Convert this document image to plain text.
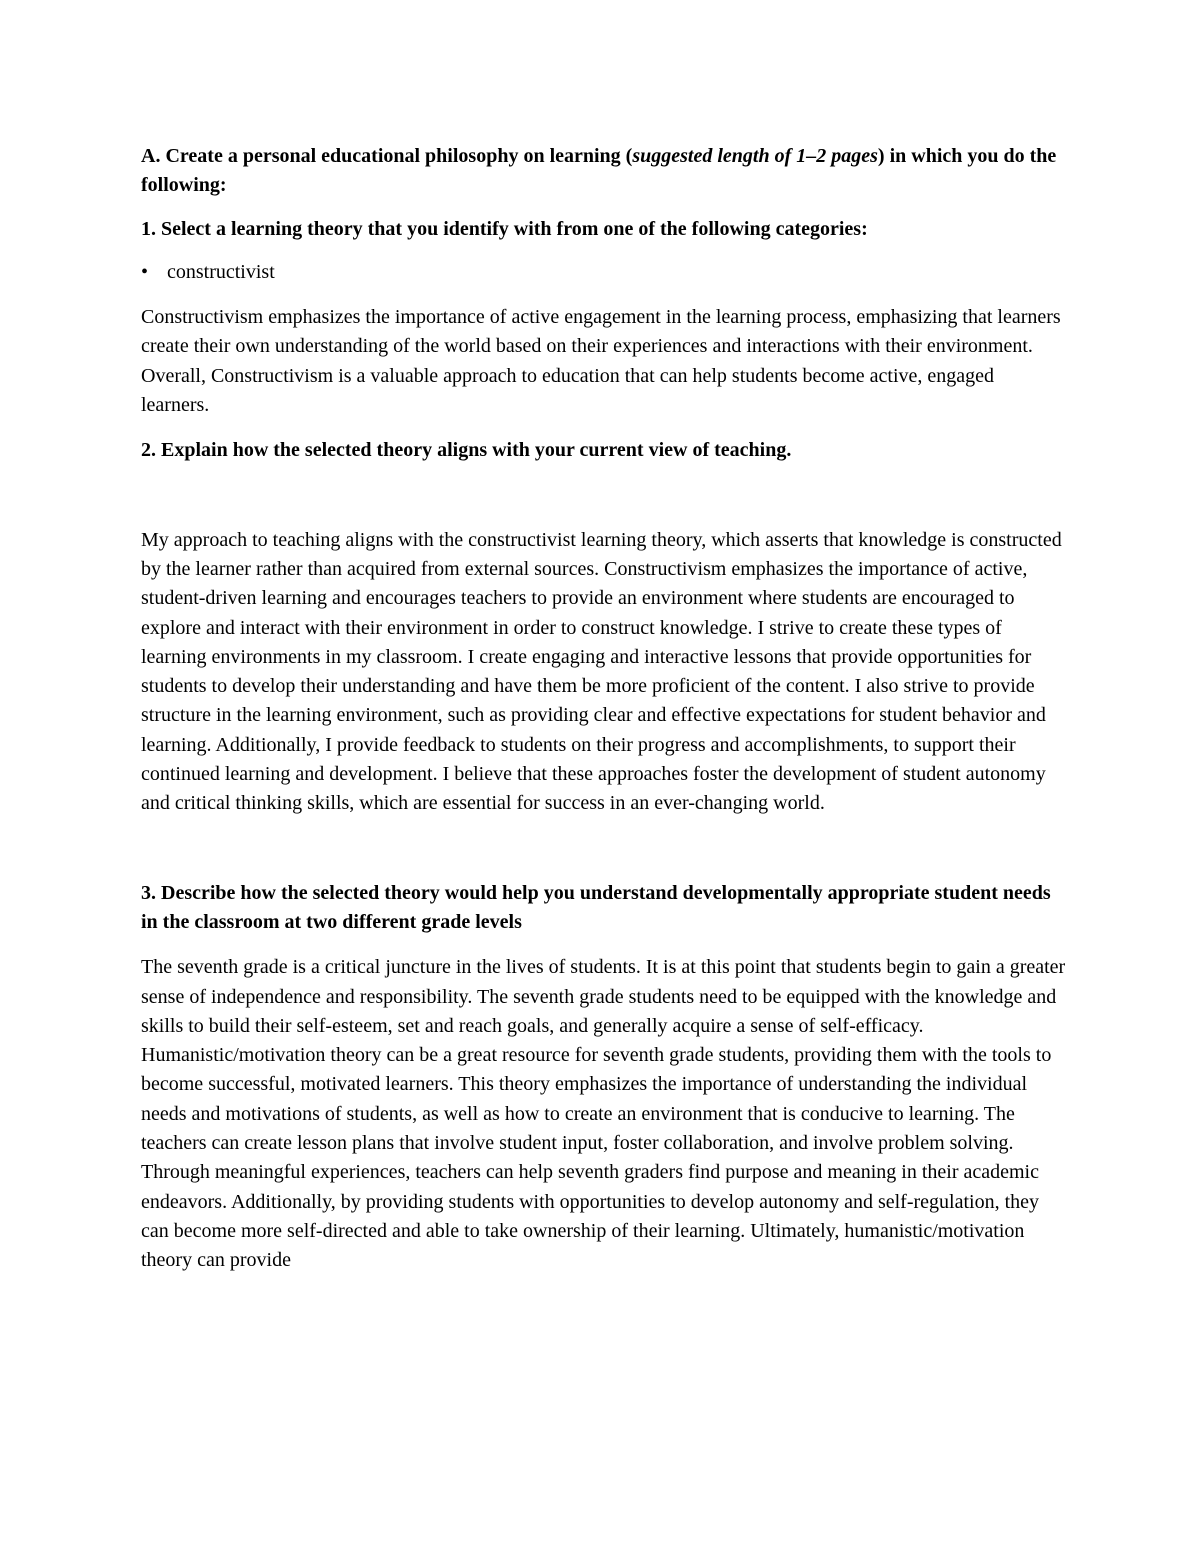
A. Create a personal educational philosophy on learning (suggested length of 1–2 pages) in which you do the following:

1. Select a learning theory that you identify with from one of the following categories:

• constructivist

Constructivism emphasizes the importance of active engagement in the learning process, emphasizing that learners create their own understanding of the world based on their experiences and interactions with their environment. Overall, Constructivism is a valuable approach to education that can help students become active, engaged learners.

2. Explain how the selected theory aligns with your current view of teaching.

My approach to teaching aligns with the constructivist learning theory, which asserts that knowledge is constructed by the learner rather than acquired from external sources. Constructivism emphasizes the importance of active, student-driven learning and encourages teachers to provide an environment where students are encouraged to explore and interact with their environment in order to construct knowledge. I strive to create these types of learning environments in my classroom. I create engaging and interactive lessons that provide opportunities for students to develop their understanding and have them be more proficient of the content. I also strive to provide structure in the learning environment, such as providing clear and effective expectations for student behavior and learning. Additionally, I provide feedback to students on their progress and accomplishments, to support their continued learning and development. I believe that these approaches foster the development of student autonomy and critical thinking skills, which are essential for success in an ever-changing world.

3. Describe how the selected theory would help you understand developmentally appropriate student needs in the classroom at two different grade levels

The seventh grade is a critical juncture in the lives of students. It is at this point that students begin to gain a greater sense of independence and responsibility. The seventh grade students need to be equipped with the knowledge and skills to build their self-esteem, set and reach goals, and generally acquire a sense of self-efficacy. Humanistic/motivation theory can be a great resource for seventh grade students, providing them with the tools to become successful, motivated learners. This theory emphasizes the importance of understanding the individual needs and motivations of students, as well as how to create an environment that is conducive to learning. The teachers can create lesson plans that involve student input, foster collaboration, and involve problem solving. Through meaningful experiences, teachers can help seventh graders find purpose and meaning in their academic endeavors. Additionally, by providing students with opportunities to develop autonomy and self-regulation, they can become more self-directed and able to take ownership of their learning. Ultimately, humanistic/motivation theory can provide
